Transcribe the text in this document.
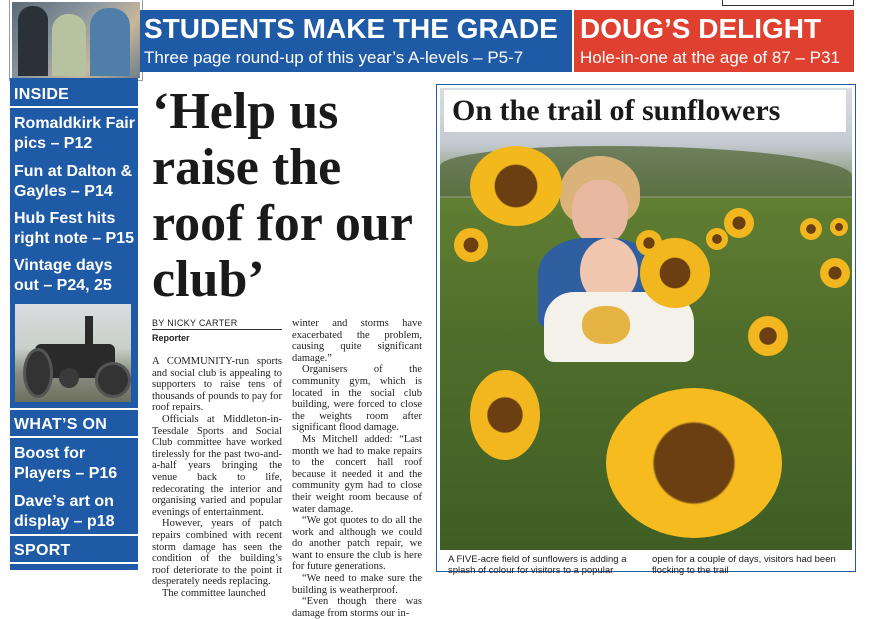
STUDENTS MAKE THE GRADE
Three page round-up of this year’s A-levels – P5-7
DOUG’S DELIGHT
Hole-in-one at the age of 87 – P31
INSIDE
Romaldkirk Fair pics – P12
Fun at Dalton & Gayles – P14
Hub Fest hits right note – P15
Vintage days out – P24, 25
WHAT’S ON
Boost for Players – P16
Dave’s art on display – p18
SPORT
‘Help us raise the roof for our club’
BY NICKY CARTER
Reporter

A COMMUNITY-run sports and social club is appealing to supporters to raise tens of thousands of pounds to pay for roof repairs.

Officials at Middleton-in-Teesdale Sports and Social Club committee have worked tirelessly for the past two-and-a-half years bringing the venue back to life, redecorating the interior and organising varied and popular evenings of entertainment.

However, years of patch repairs combined with recent storm damage has seen the condition of the building’s roof deteriorate to the point it desperately needs replacing.

The committee launched

winter and storms have exacerbated the problem, causing quite significant damage.”

Organisers of the community gym, which is located in the social club building, were forced to close the weights room after significant flood damage.

Ms Mitchell added: “Last month we had to make repairs to the concert hall roof because it needed it and the community gym had to close their weight room because of water damage.

“We got quotes to do all the work and although we could do another patch repair, we want to ensure the club is here for future generations.

“We need to make sure the building is weatherproof.

“Even though there was damage from storms our in-

On the trail of sunflowers
A FIVE-acre field of sunflowers is adding a splash of colour for visitors to a popular
open for a couple of days, visitors had been flocking to the trail
